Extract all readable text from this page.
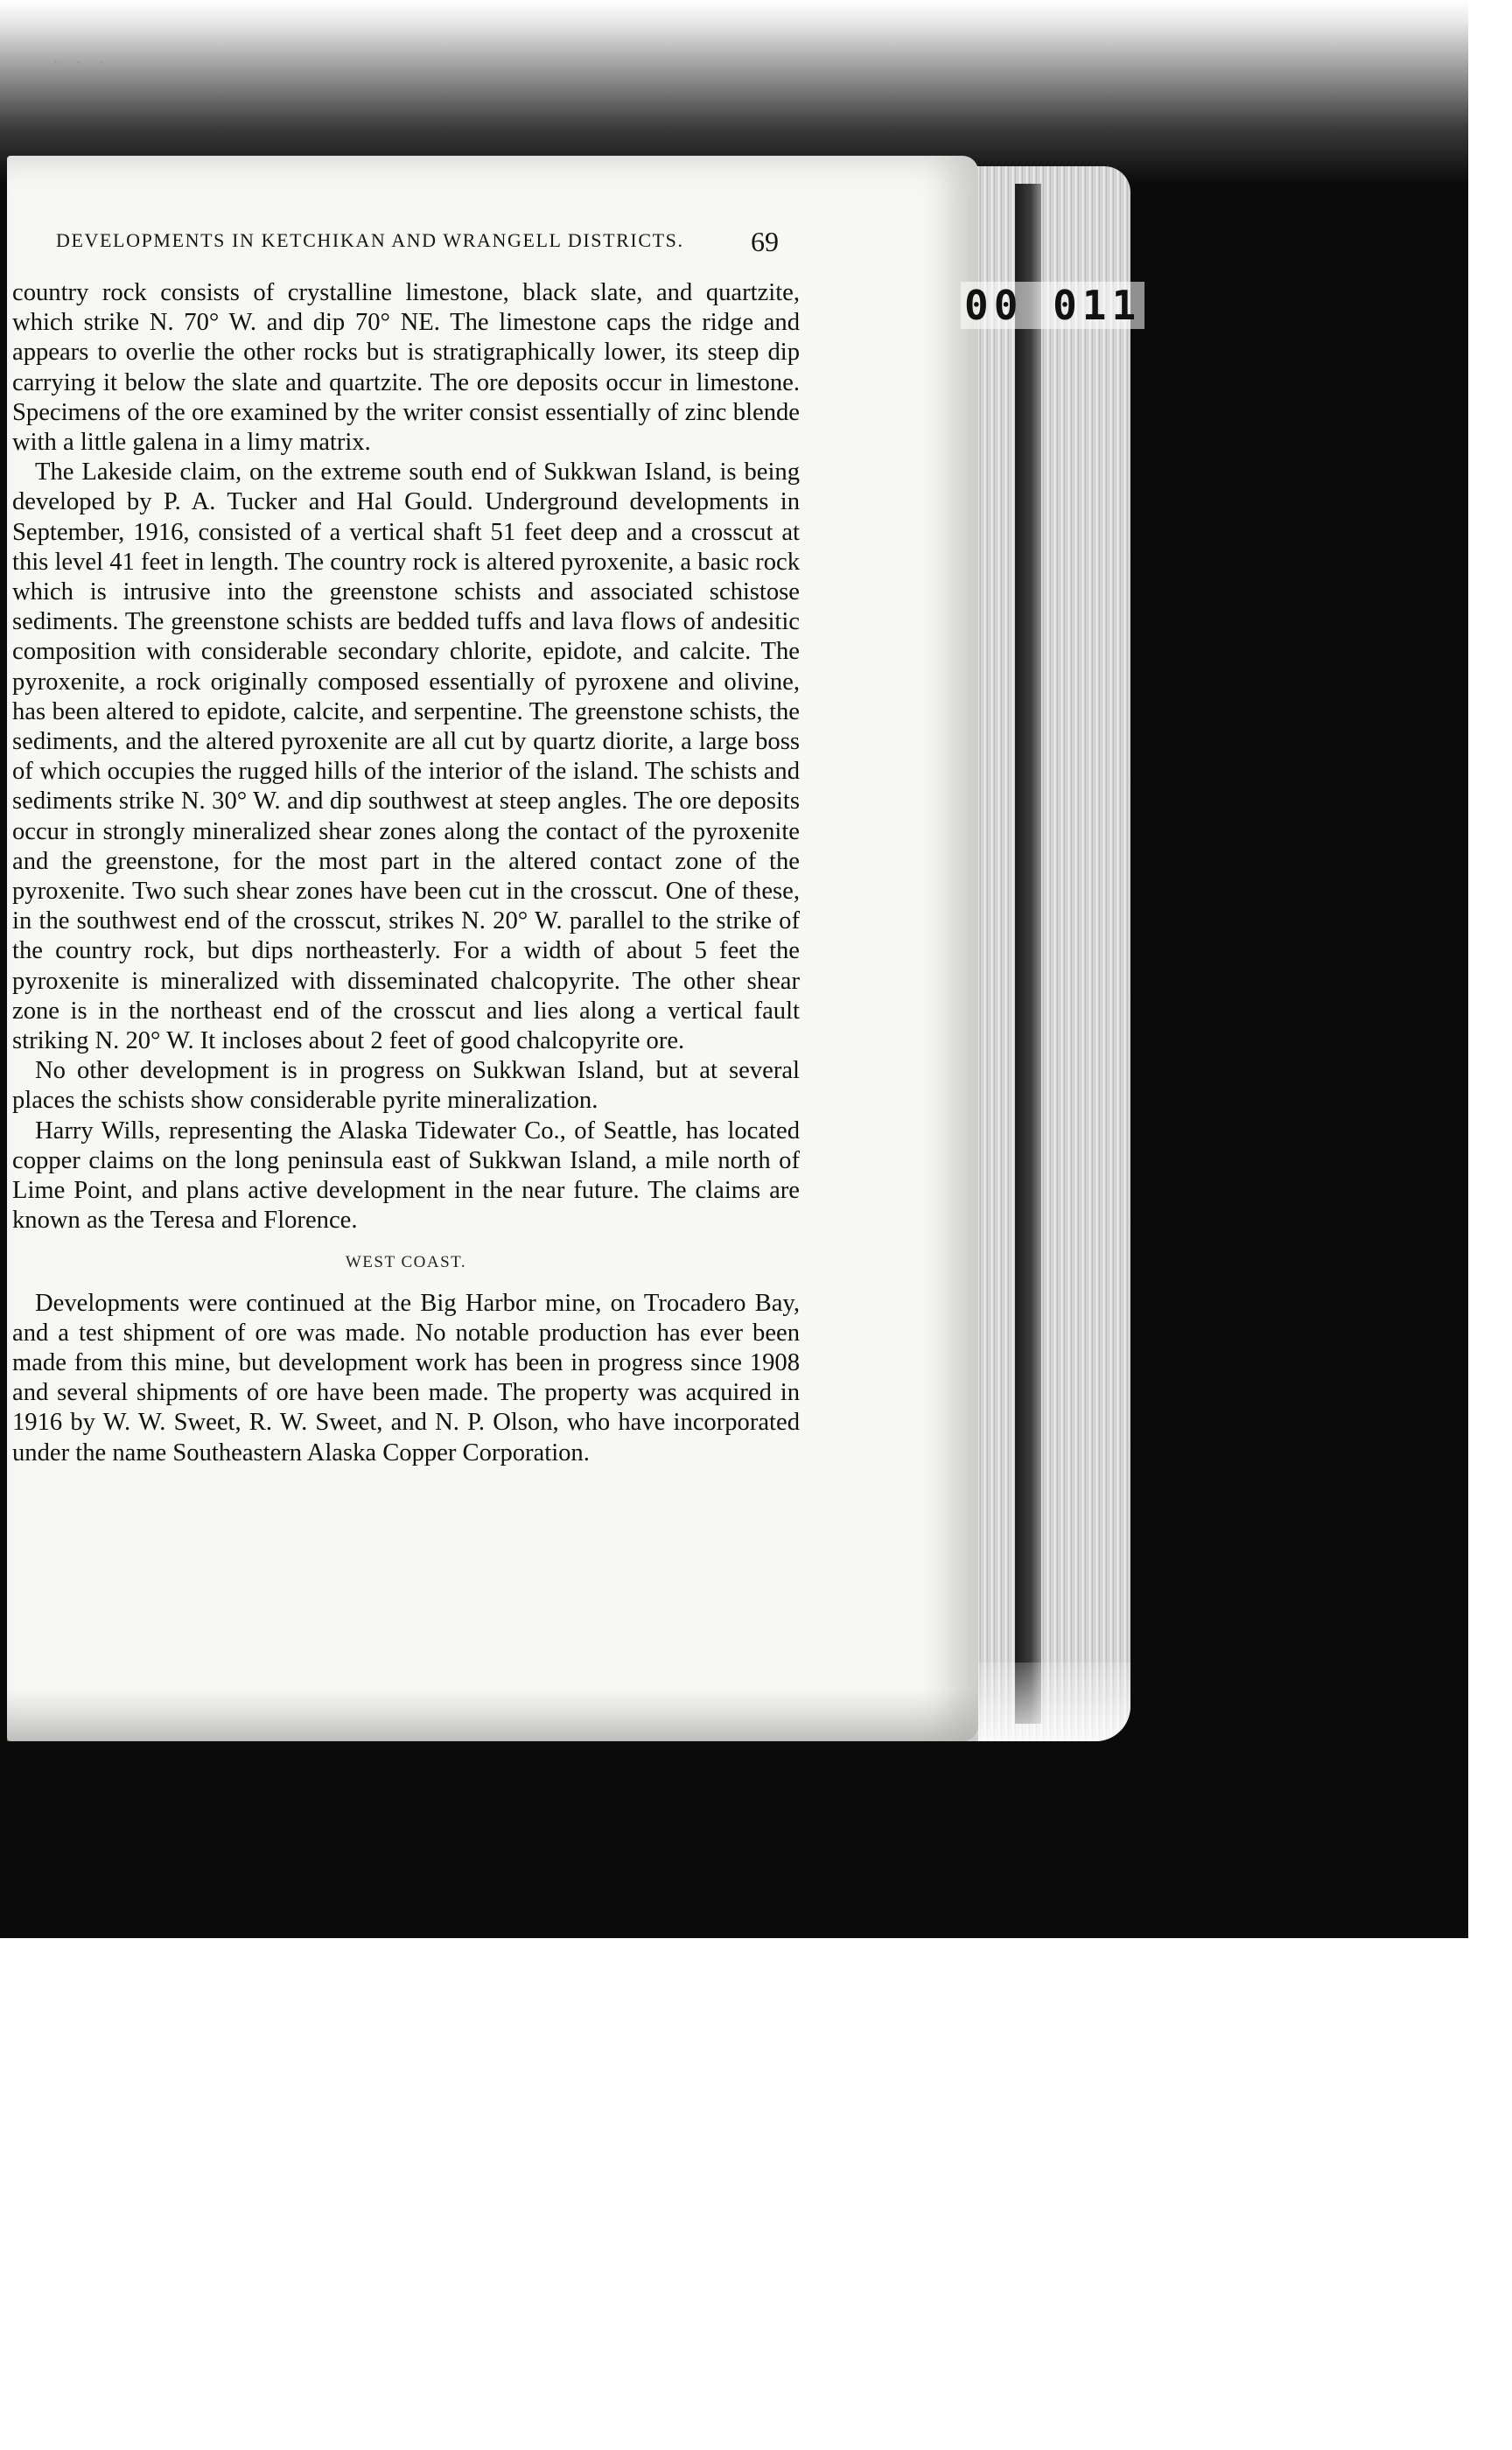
· · ·
00 011
DEVELOPMENTS IN KETCHIKAN AND WRANGELL DISTRICTS.	69

country rock consists of crystalline limestone, black slate, and quartzite, which strike N. 70° W. and dip 70° NE. The limestone caps the ridge and appears to overlie the other rocks but is stratigraphically lower, its steep dip carrying it below the slate and quartzite. The ore deposits occur in limestone. Specimens of the ore examined by the writer consist essentially of zinc blende with a little galena in a limy matrix.

The Lakeside claim, on the extreme south end of Sukkwan Island, is being developed by P. A. Tucker and Hal Gould. Underground developments in September, 1916, consisted of a vertical shaft 51 feet deep and a crosscut at this level 41 feet in length. The country rock is altered pyroxenite, a basic rock which is intrusive into the greenstone schists and associated schistose sediments. The greenstone schists are bedded tuffs and lava flows of andesitic composition with considerable secondary chlorite, epidote, and calcite. The pyroxenite, a rock originally composed essentially of pyroxene and olivine, has been altered to epidote, calcite, and serpentine. The greenstone schists, the sediments, and the altered pyroxenite are all cut by quartz diorite, a large boss of which occupies the rugged hills of the interior of the island. The schists and sediments strike N. 30° W. and dip southwest at steep angles. The ore deposits occur in strongly mineralized shear zones along the contact of the pyroxenite and the greenstone, for the most part in the altered contact zone of the pyroxenite. Two such shear zones have been cut in the crosscut. One of these, in the southwest end of the crosscut, strikes N. 20° W. parallel to the strike of the country rock, but dips northeasterly. For a width of about 5 feet the pyroxenite is mineralized with disseminated chalcopyrite. The other shear zone is in the northeast end of the crosscut and lies along a vertical fault striking N. 20° W. It incloses about 2 feet of good chalcopyrite ore.

No other development is in progress on Sukkwan Island, but at several places the schists show considerable pyrite mineralization.

Harry Wills, representing the Alaska Tidewater Co., of Seattle, has located copper claims on the long peninsula east of Sukkwan Island, a mile north of Lime Point, and plans active development in the near future. The claims are known as the Teresa and Florence.

WEST COAST.

Developments were continued at the Big Harbor mine, on Trocadero Bay, and a test shipment of ore was made. No notable production has ever been made from this mine, but development work has been in progress since 1908 and several shipments of ore have been made. The property was acquired in 1916 by W. W. Sweet, R. W. Sweet, and N. P. Olson, who have incorporated under the name Southeastern Alaska Copper Corporation.
